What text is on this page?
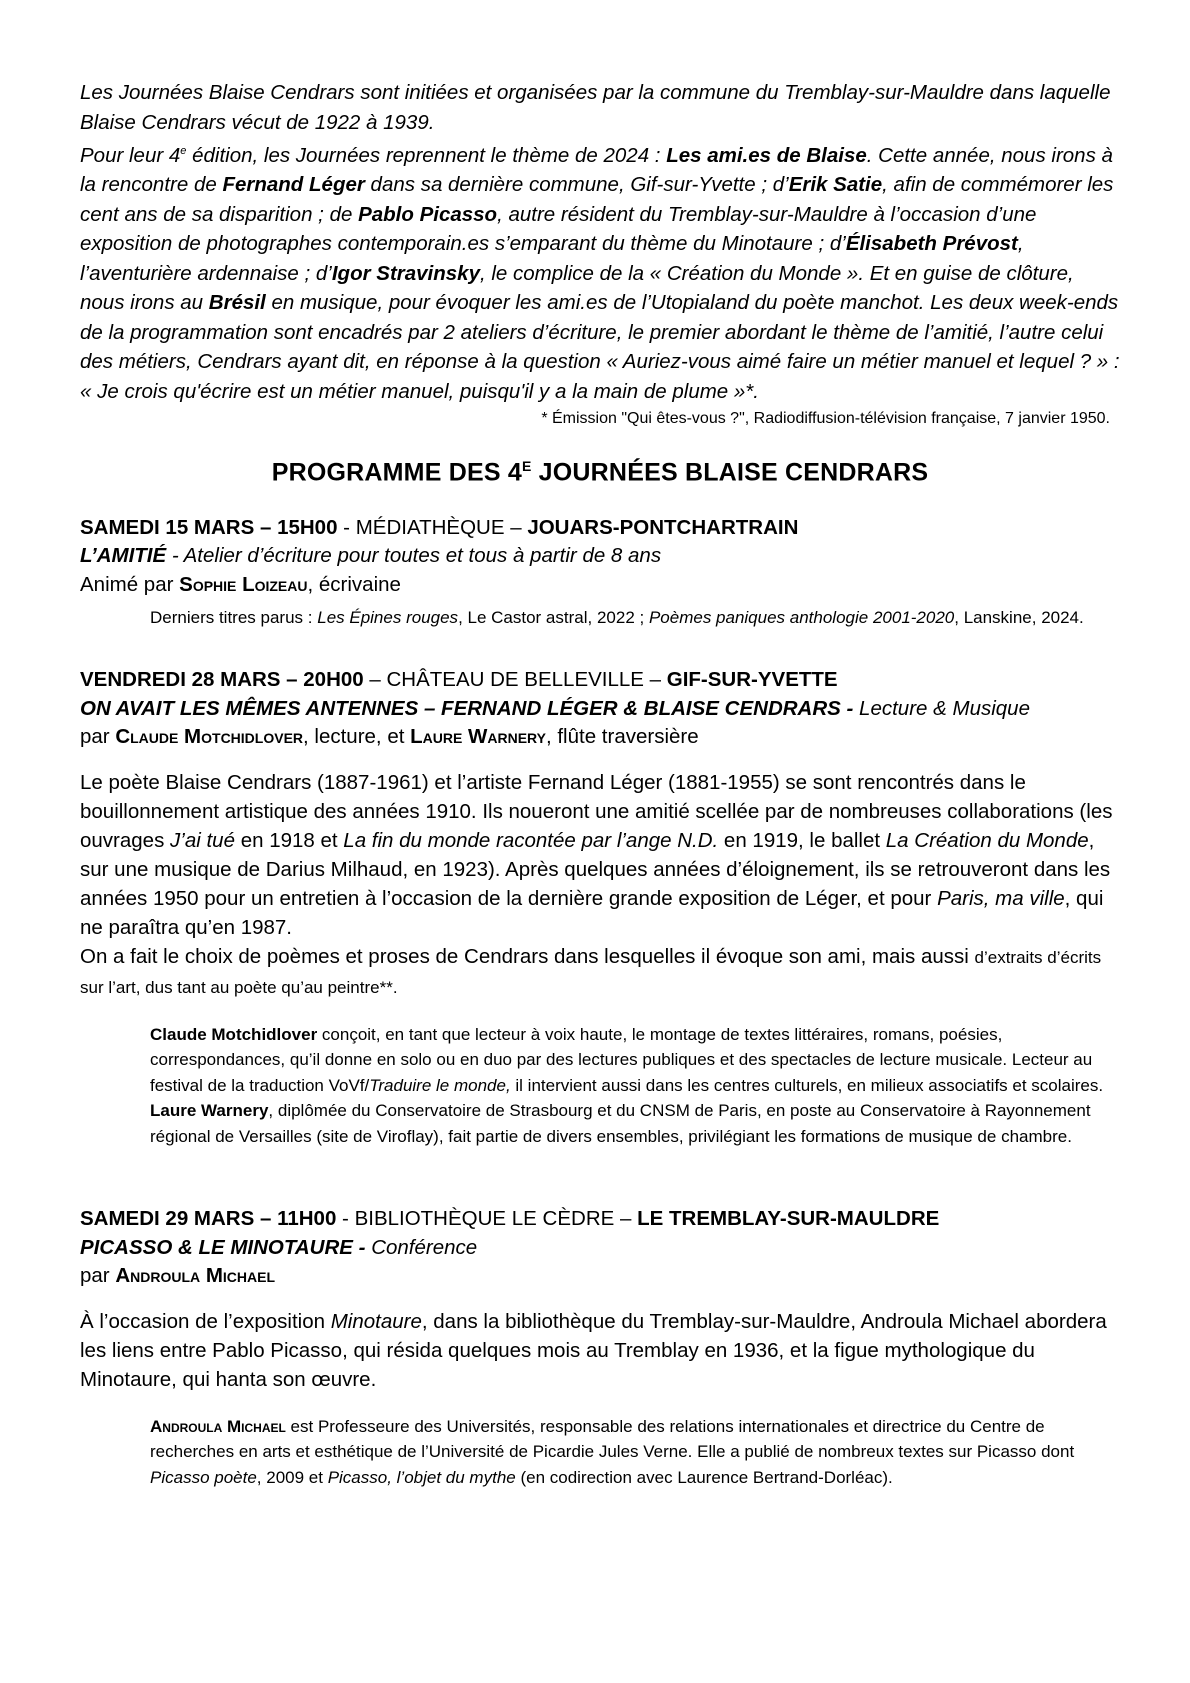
Les Journées Blaise Cendrars sont initiées et organisées par la commune du Tremblay-sur-Mauldre dans laquelle Blaise Cendrars vécut de 1922 à 1939.

Pour leur 4e édition, les Journées reprennent le thème de 2024 : Les ami.es de Blaise. Cette année, nous irons à la rencontre de Fernand Léger dans sa dernière commune, Gif-sur-Yvette ; d’Erik Satie, afin de commémorer les cent ans de sa disparition ; de Pablo Picasso, autre résident du Tremblay-sur-Mauldre à l’occasion d’une exposition de photographes contemporain.es s’emparant du thème du Minotaure ; d’Élisabeth Prévost, l’aventurière ardennaise ; d’Igor Stravinsky, le complice de la « Création du Monde ». Et en guise de clôture, nous irons au Brésil en musique, pour évoquer les ami.es de l’Utopialand du poète manchot. Les deux week-ends de la programmation sont encadrés par 2 ateliers d’écriture, le premier abordant le thème de l’amitié, l’autre celui des métiers, Cendrars ayant dit, en réponse à la question « Auriez-vous aimé faire un métier manuel et lequel ? » : « Je crois qu'écrire est un métier manuel, puisqu'il y a la main de plume »*.

* Émission "Qui êtes-vous ?", Radiodiffusion-télévision française, 7 janvier 1950.
PROGRAMME DES $4^E$ JOURNÉES BLAISE CENDRARS

SAMEDI 15 MARS – 15H00 - MÉDIATHÈQUE – JOUARS-PONTCHARTRAIN

L’AMITIÉ - Atelier d’écriture pour toutes et tous à partir de 8 ans

Animé par Sophie Loizeau, écrivaine

Derniers titres parus : Les Épines rouges, Le Castor astral, 2022 ; Poèmes paniques anthologie 2001-2020, Lanskine, 2024.

VENDREDI 28 MARS – 20H00 – CHÂTEAU DE BELLEVILLE – GIF-SUR-YVETTE

ON AVAIT LES MÊMES ANTENNES – FERNAND LÉGER & BLAISE CENDRARS - Lecture & Musique

par Claude Motchidlover, lecture, et Laure Warnery, flûte traversière

Le poète Blaise Cendrars (1887-1961) et l’artiste Fernand Léger (1881-1955) se sont rencontrés dans le bouillonnement artistique des années 1910. Ils noueront une amitié scellée par de nombreuses collaborations (les ouvrages J’ai tué en 1918 et La fin du monde racontée par l’ange N.D. en 1919, le ballet La Création du Monde, sur une musique de Darius Milhaud, en 1923). Après quelques années d’éloignement, ils se retrouveront dans les années 1950 pour un entretien à l’occasion de la dernière grande exposition de Léger, et pour Paris, ma ville, qui ne paraîtra qu’en 1987.
On a fait le choix de poèmes et proses de Cendrars dans lesquelles il évoque son ami, mais aussi d’extraits d’écrits sur l’art, dus tant au poète qu’au peintre**.

Claude Motchidlover conçoit, en tant que lecteur à voix haute, le montage de textes littéraires, romans, poésies, correspondances, qu’il donne en solo ou en duo par des lectures publiques et des spectacles de lecture musicale. Lecteur au festival de la traduction VoVf/Traduire le monde, il intervient aussi dans les centres culturels, en milieux associatifs et scolaires.

Laure Warnery, diplômée du Conservatoire de Strasbourg et du CNSM de Paris, en poste au Conservatoire à Rayonnement régional de Versailles (site de Viroflay), fait partie de divers ensembles, privilégiant les formations de musique de chambre.

SAMEDI 29 MARS – 11H00 - BIBLIOTHÈQUE LE CÈDRE – LE TREMBLAY-SUR-MAULDRE

PICASSO & LE MINOTAURE - Conférence

par Androula Michael

À l’occasion de l’exposition Minotaure, dans la bibliothèque du Tremblay-sur-Mauldre, Androula Michael abordera les liens entre Pablo Picasso, qui résida quelques mois au Tremblay en 1936, et la figue mythologique du Minotaure, qui hanta son œuvre.

Androula Michael est Professeure des Universités, responsable des relations internationales et directrice du Centre de recherches en arts et esthétique de l’Université de Picardie Jules Verne. Elle a publié de nombreux textes sur Picasso dont Picasso poète, 2009 et Picasso, l’objet du mythe (en codirection avec Laurence Bertrand-Dorléac).
